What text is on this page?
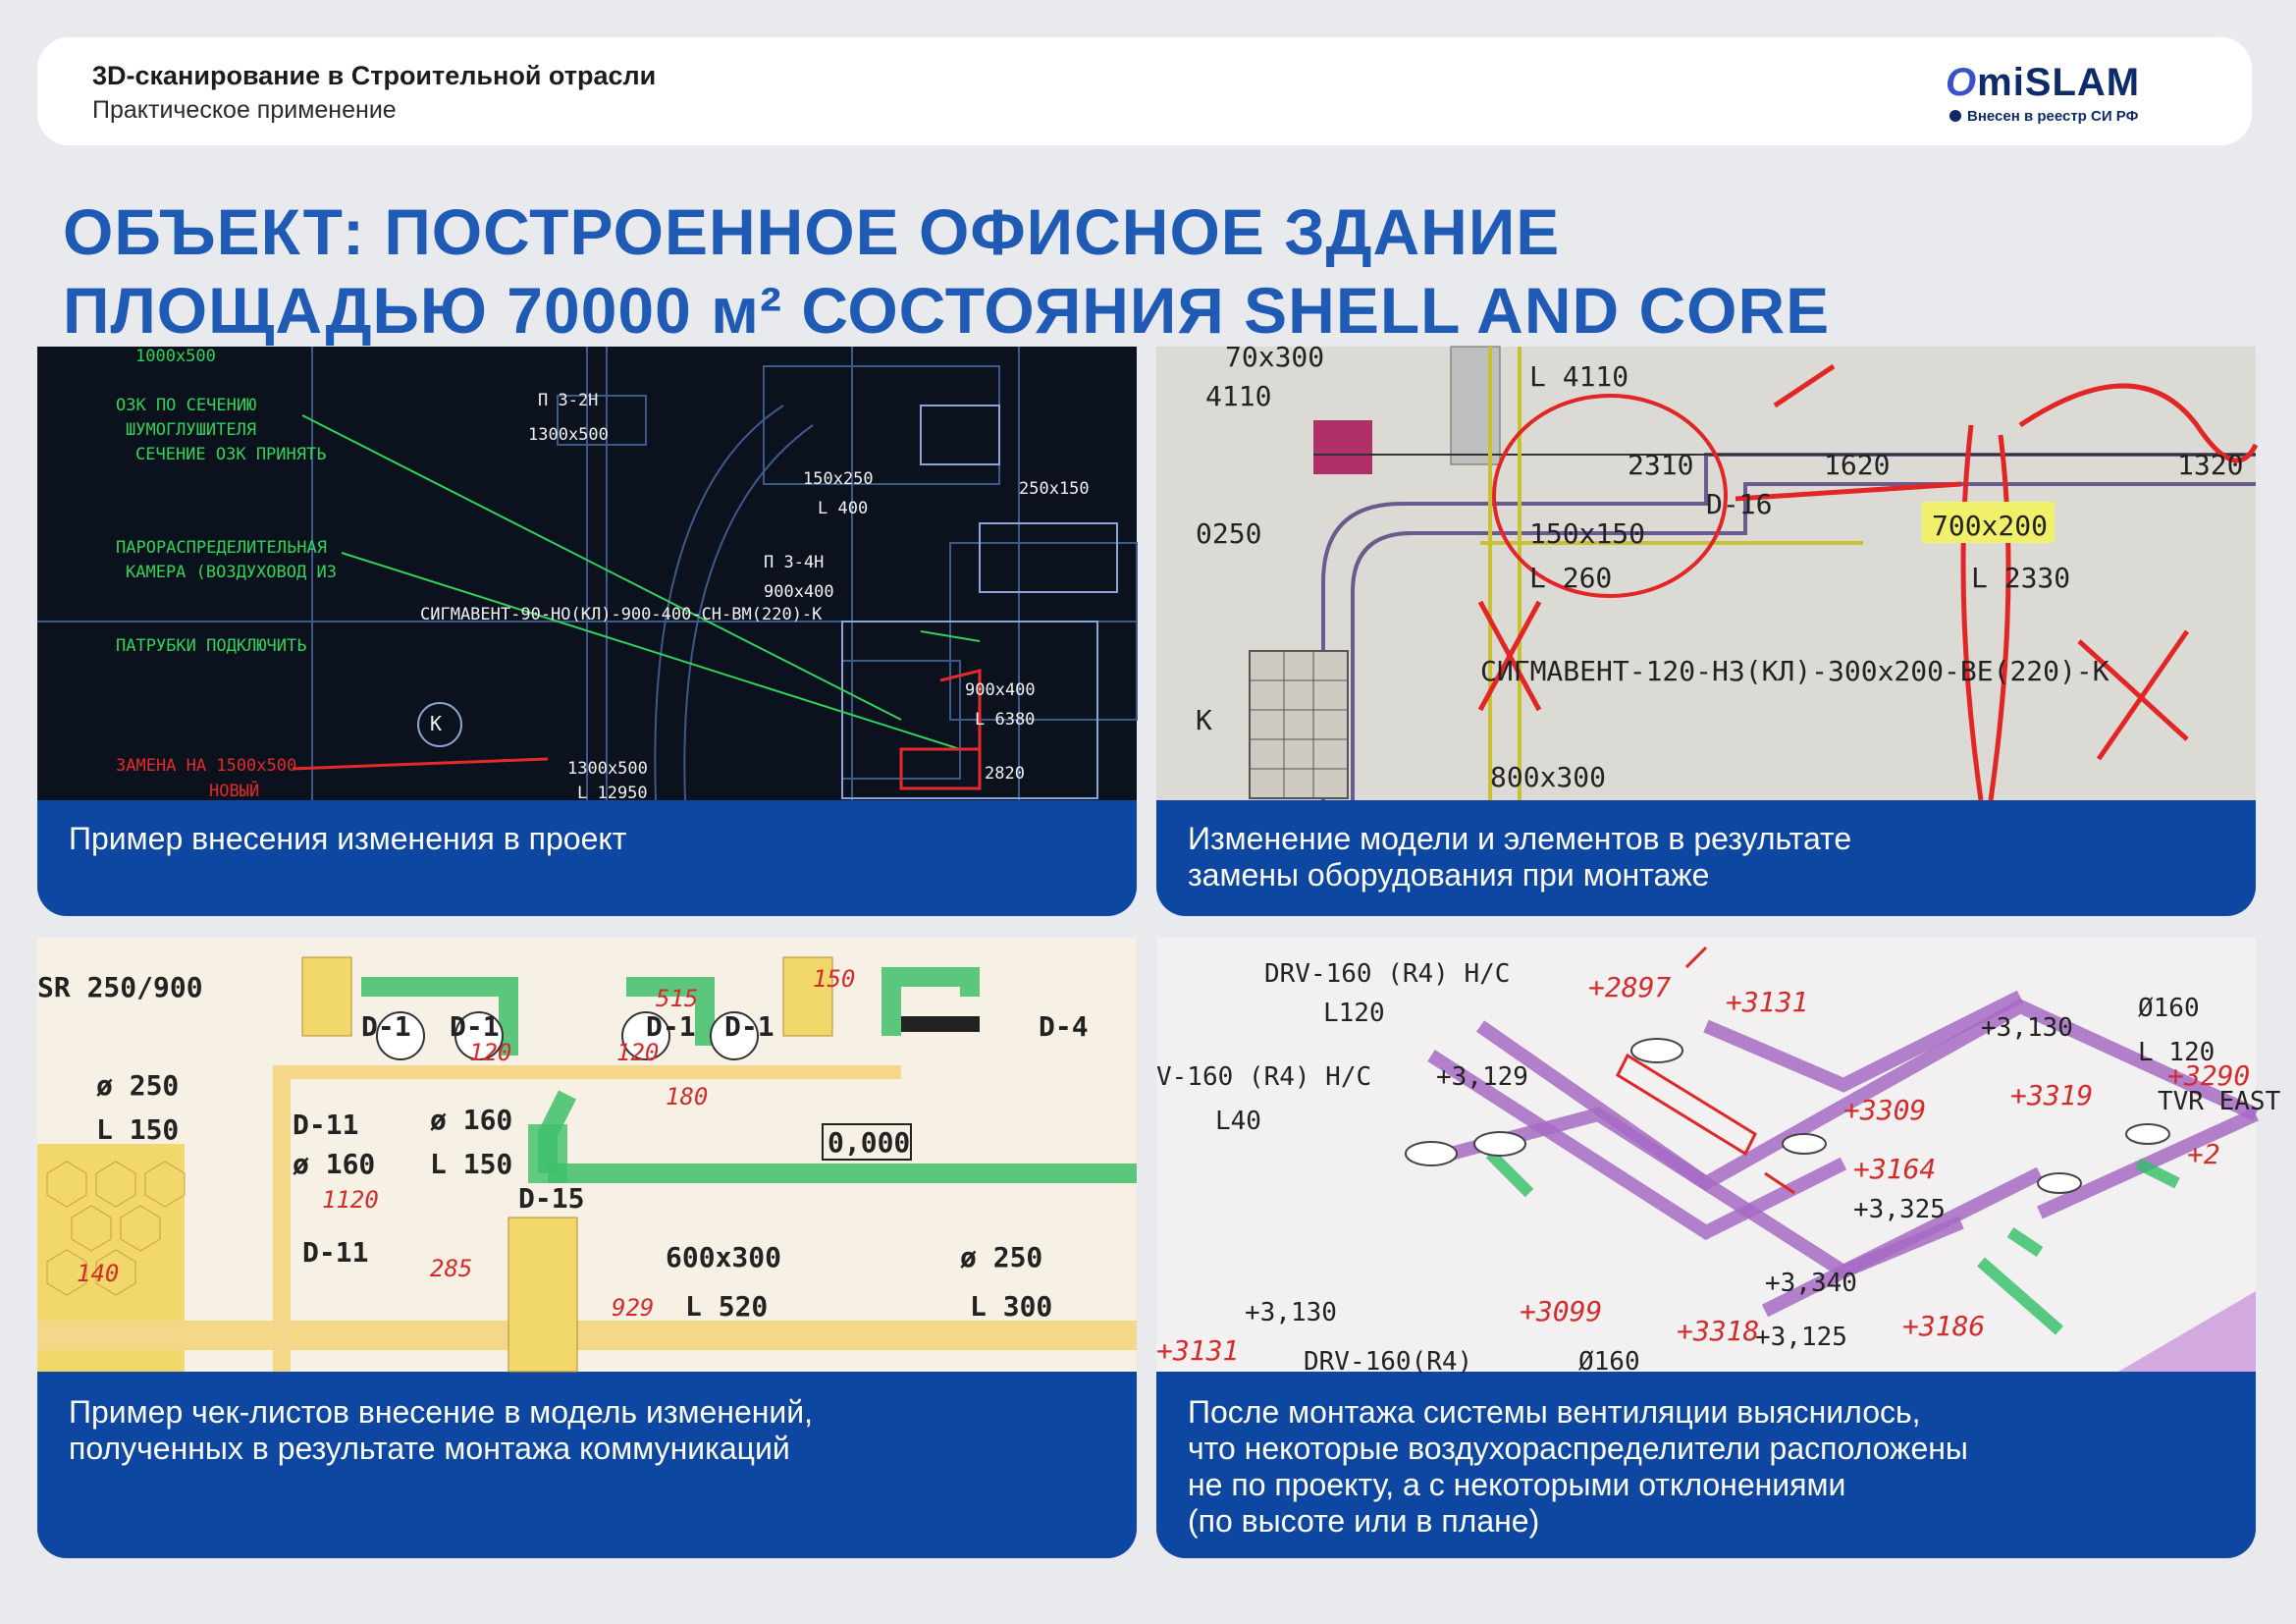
3D-сканирование в Строительной отрасли
Практическое применение
OmiSLAM
Внесен в реестр СИ РФ
ОБЪЕКТ: ПОСТРОЕННОЕ ОФИСНОЕ ЗДАНИЕ
ПЛОЩАДЬЮ 70000 м² СОСТОЯНИЯ SHELL AND CORE
1000x500
ОЗК ПО СЕЧЕНИЮ
ШУМОГЛУШИТЕЛЯ
СЕЧЕНИЕ ОЗК ПРИНЯТЬ
ПАРОРАСПРЕДЕЛИТЕЛЬНАЯ
КАМЕРА (ВОЗДУХОВОД ИЗ
ПАТРУБКИ ПОДКЛЮЧИТЬ
П 3-2Н
1300x500
150x250
L 400
250x150
П 3-4Н
900x400
СИГМАВЕНТ-90-НО(КЛ)-900-400-СН-ВМ(220)-К
900x400
L 6380
2820
1300x500
К
L 12950
ЗАМЕНА НА 1500х500
НОВЫЙ
Пример внесения изменения в проект
70x300
4110
L 4110
2310	1620	1320
D-16
700x200
150x150
L 260	L 2330
0250
СИГМАВЕНТ-120-НЗ(КЛ)-300x200-ВЕ(220)-К
800x300
К
Изменение модели и элементов в результате
замены оборудования при монтаже
SR 250/900
D-1 D-1	D-1 D-1	D-4
ø 250
L 150	D-11
ø 160
ø 160
L 150
0,000
D-15
D-11	600x300
L 520
ø 250
L 300
120	120
180
1120
285
140
929
515
150
Пример чек-листов внесение в модель изменений,
полученных в результате монтажа коммуникаций
DRV-160 (R4) H/C
L120
V-160 (R4) H/C
L40
+3,129
+3,130
Ø160
L 120
TVR EAST
+3,325
+3,340
+3,130
+3,125
Ø160
DRV-160(R4)
+2897 +3131
+3309	+3319
+3290
+3164	+2
+3099
+3318	+3186
+3131
После монтажа системы вентиляции выяснилось,
что некоторые воздухораспределители расположены
не по проекту, а с некоторыми отклонениями
(по высоте или в плане)
